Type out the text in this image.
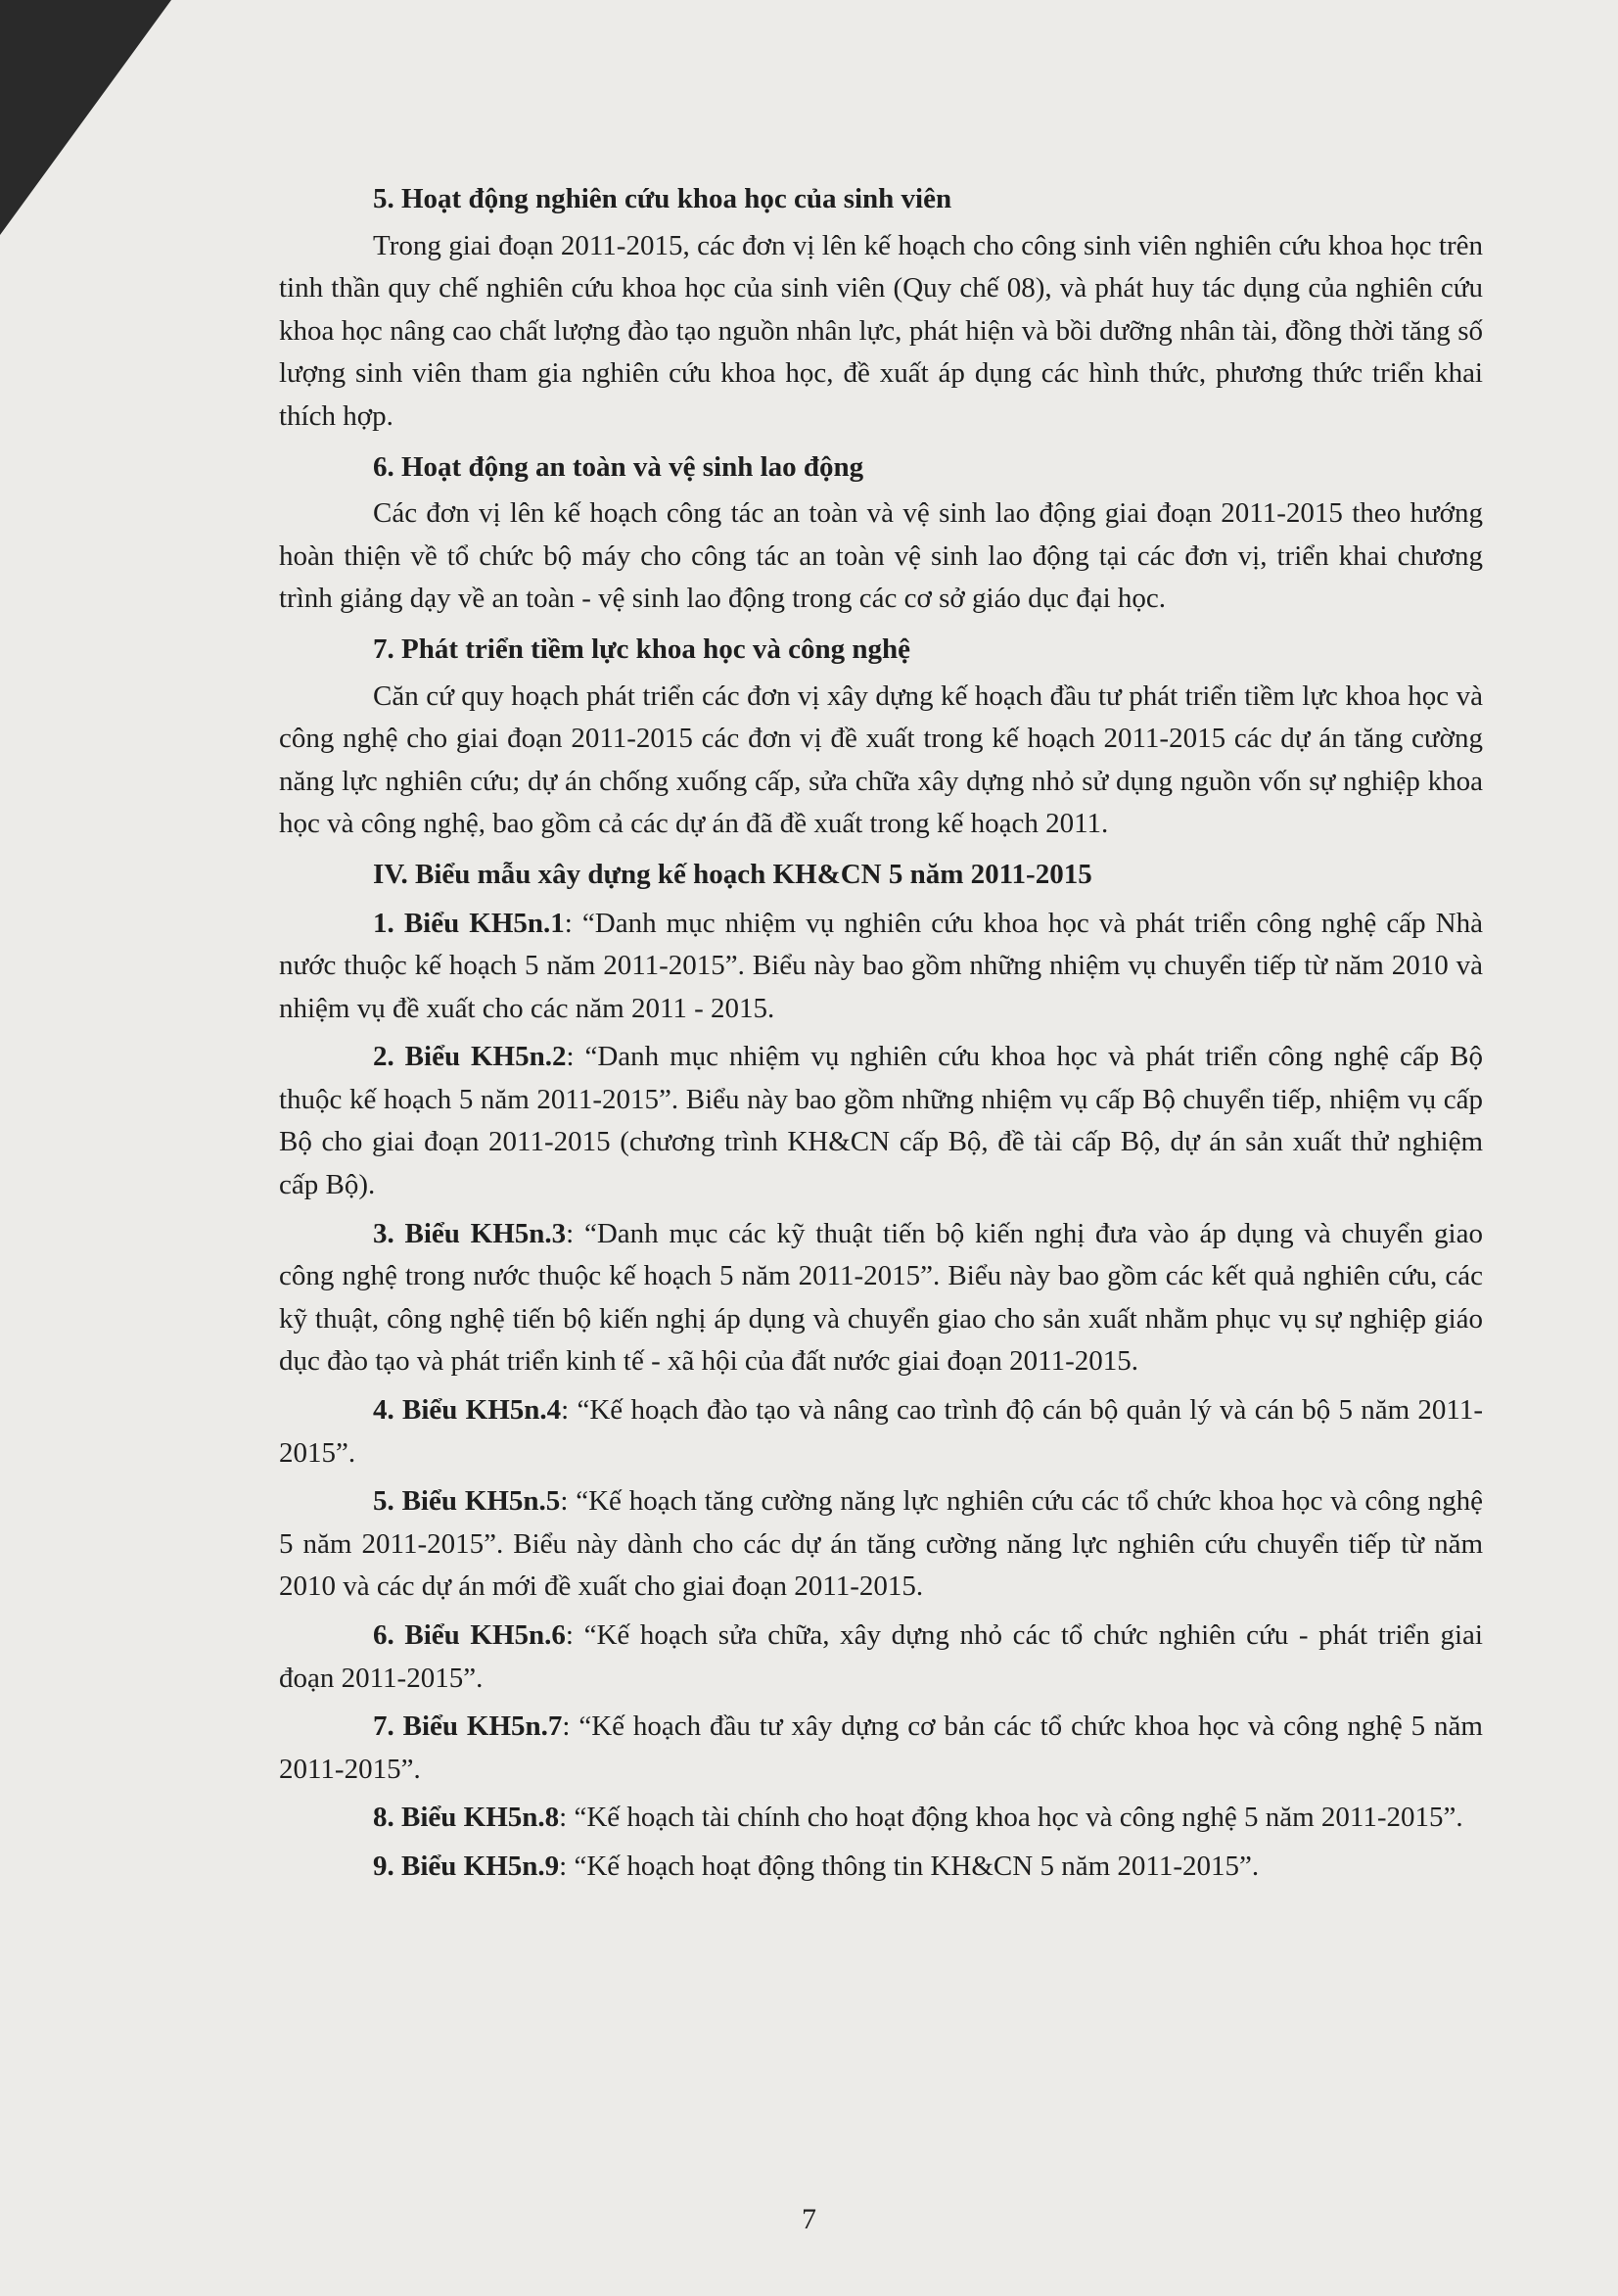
5. Hoạt động nghiên cứu khoa học của sinh viên

Trong giai đoạn 2011-2015, các đơn vị lên kế hoạch cho công sinh viên nghiên cứu khoa học trên tinh thần quy chế nghiên cứu khoa học của sinh viên (Quy chế 08), và phát huy tác dụng của nghiên cứu khoa học nâng cao chất lượng đào tạo nguồn nhân lực, phát hiện và bồi dưỡng nhân tài, đồng thời tăng số lượng sinh viên tham gia nghiên cứu khoa học, đề xuất áp dụng các hình thức, phương thức triển khai thích hợp.

6. Hoạt động an toàn và vệ sinh lao động

Các đơn vị lên kế hoạch công tác an toàn và vệ sinh lao động giai đoạn 2011-2015 theo hướng hoàn thiện về tổ chức bộ máy cho công tác an toàn vệ sinh lao động tại các đơn vị, triển khai chương trình giảng dạy về an toàn - vệ sinh lao động trong các cơ sở giáo dục đại học.

7. Phát triển tiềm lực khoa học và công nghệ

Căn cứ quy hoạch phát triển các đơn vị xây dựng kế hoạch đầu tư phát triển tiềm lực khoa học và công nghệ cho giai đoạn 2011-2015 các đơn vị đề xuất trong kế hoạch 2011-2015 các dự án tăng cường năng lực nghiên cứu; dự án chống xuống cấp, sửa chữa xây dựng nhỏ sử dụng nguồn vốn sự nghiệp khoa học và công nghệ, bao gồm cả các dự án đã đề xuất trong kế hoạch 2011.

IV. Biểu mẫu xây dựng kế hoạch KH&CN 5 năm 2011-2015

1. Biểu KH5n.1: “Danh mục nhiệm vụ nghiên cứu khoa học và phát triển công nghệ cấp Nhà nước thuộc kế hoạch 5 năm 2011-2015”. Biểu này bao gồm những nhiệm vụ chuyển tiếp từ năm 2010 và nhiệm vụ đề xuất cho các năm 2011 - 2015.

2. Biểu KH5n.2: “Danh mục nhiệm vụ nghiên cứu khoa học và phát triển công nghệ cấp Bộ thuộc kế hoạch 5 năm 2011-2015”. Biểu này bao gồm những nhiệm vụ cấp Bộ chuyển tiếp, nhiệm vụ cấp Bộ cho giai đoạn 2011-2015 (chương trình KH&CN cấp Bộ, đề tài cấp Bộ, dự án sản xuất thử nghiệm cấp Bộ).

3. Biểu KH5n.3: “Danh mục các kỹ thuật tiến bộ kiến nghị đưa vào áp dụng và chuyển giao công nghệ trong nước thuộc kế hoạch 5 năm 2011-2015”. Biểu này bao gồm các kết quả nghiên cứu, các kỹ thuật, công nghệ tiến bộ kiến nghị áp dụng và chuyển giao cho sản xuất nhằm phục vụ sự nghiệp giáo dục đào tạo và phát triển kinh tế - xã hội của đất nước giai đoạn 2011-2015.

4. Biểu KH5n.4: “Kế hoạch đào tạo và nâng cao trình độ cán bộ quản lý và cán bộ 5 năm 2011-2015”.

5. Biểu KH5n.5: “Kế hoạch tăng cường năng lực nghiên cứu các tổ chức khoa học và công nghệ 5 năm 2011-2015”. Biểu này dành cho các dự án tăng cường năng lực nghiên cứu chuyển tiếp từ năm 2010 và các dự án mới đề xuất cho giai đoạn 2011-2015.

6. Biểu KH5n.6: “Kế hoạch sửa chữa, xây dựng nhỏ các tổ chức nghiên cứu - phát triển giai đoạn 2011-2015”.

7. Biểu KH5n.7: “Kế hoạch đầu tư xây dựng cơ bản các tổ chức khoa học và công nghệ 5 năm 2011-2015”.

8. Biểu KH5n.8: “Kế hoạch tài chính cho hoạt động khoa học và công nghệ 5 năm 2011-2015”.

9. Biểu KH5n.9: “Kế hoạch hoạt động thông tin KH&CN 5 năm 2011-2015”.

7
